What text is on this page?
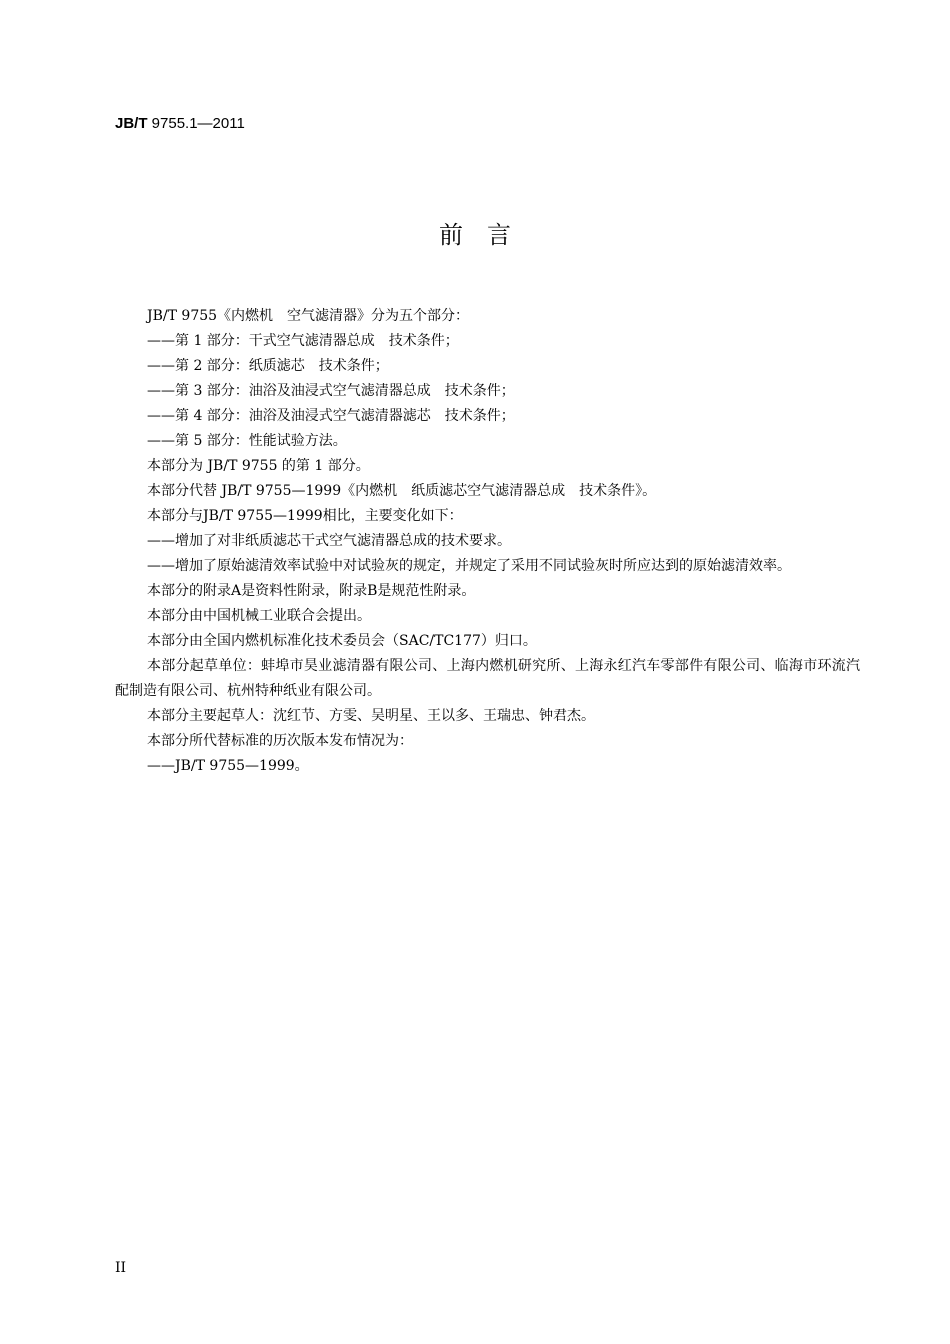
JB/T 9755.1—2011
前言

JB/T 9755《内燃机　空气滤清器》分为五个部分：

——第 1 部分：干式空气滤清器总成　技术条件；

——第 2 部分：纸质滤芯　技术条件；

——第 3 部分：油浴及油浸式空气滤清器总成　技术条件；

——第 4 部分：油浴及油浸式空气滤清器滤芯　技术条件；

——第 5 部分：性能试验方法。

本部分为 JB/T 9755 的第 1 部分。

本部分代替 JB/T 9755—1999《内燃机　纸质滤芯空气滤清器总成　技术条件》。

本部分与JB/T 9755—1999相比，主要变化如下：

——增加了对非纸质滤芯干式空气滤清器总成的技术要求。

——增加了原始滤清效率试验中对试验灰的规定，并规定了采用不同试验灰时所应达到的原始滤清效率。

本部分的附录A是资料性附录，附录B是规范性附录。

本部分由中国机械工业联合会提出。

本部分由全国内燃机标准化技术委员会（SAC/TC177）归口。

本部分起草单位：蚌埠市昊业滤清器有限公司、上海内燃机研究所、上海永红汽车零部件有限公司、临海市环流汽配制造有限公司、杭州特种纸业有限公司。

本部分主要起草人：沈红节、方雯、吴明星、王以多、王瑞忠、钟君杰。

本部分所代替标准的历次版本发布情况为：

——JB/T 9755—1999。

II
